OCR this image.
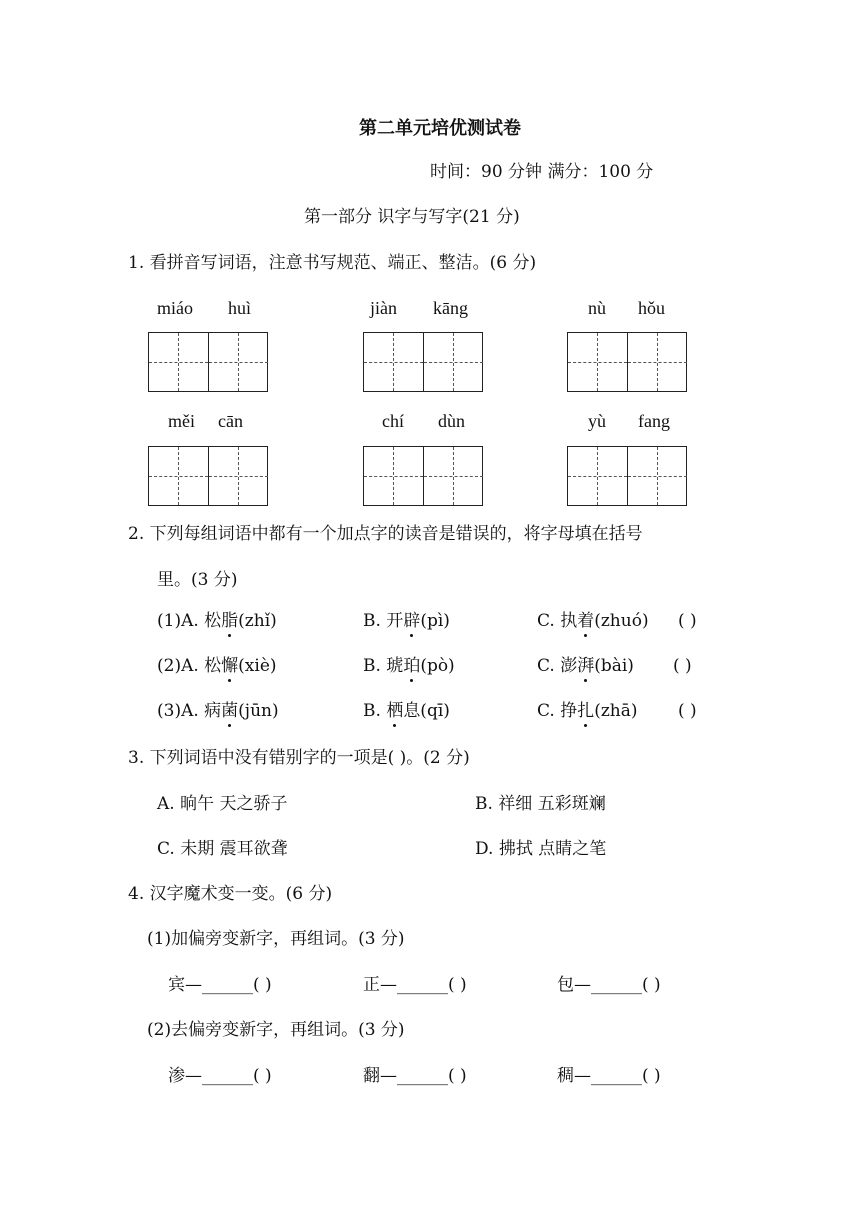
第二单元培优测试卷
时间：90 分钟 满分：100 分
第一部分 识字与写字(21 分)
1. 看拼音写词语，注意书写规范、端正、整洁。(6 分)
miáo huì	jiàn kāng	nù hǒu
měi cān	chí dùn	yù fang
2. 下列每组词语中都有一个加点字的读音是错误的，将字母填在括号
里。(3 分)
(1)A. 松脂(zhǐ)	B. 开辟(pì)	C. 执着(zhuó) ( )
(2)A. 松懈(xiè)	B. 琥珀(pò)	C. 澎湃(bài) ( )
(3)A. 病菌(jūn)	B. 栖息(qī)	C. 挣扎(zhā) ( )
3. 下列词语中没有错别字的一项是( )。(2 分)
A. 晌午 天之骄子	B. 祥细 五彩斑斓
C. 未期 震耳欲聋	D. 拂拭 点睛之笔
4. 汉字魔术变一变。(6 分)
(1)加偏旁变新字，再组词。(3 分)
宾—______( )	正—______( )	包—______( )
(2)去偏旁变新字，再组词。(3 分)
渗—______( )	翻—______( )	稠—______( )
